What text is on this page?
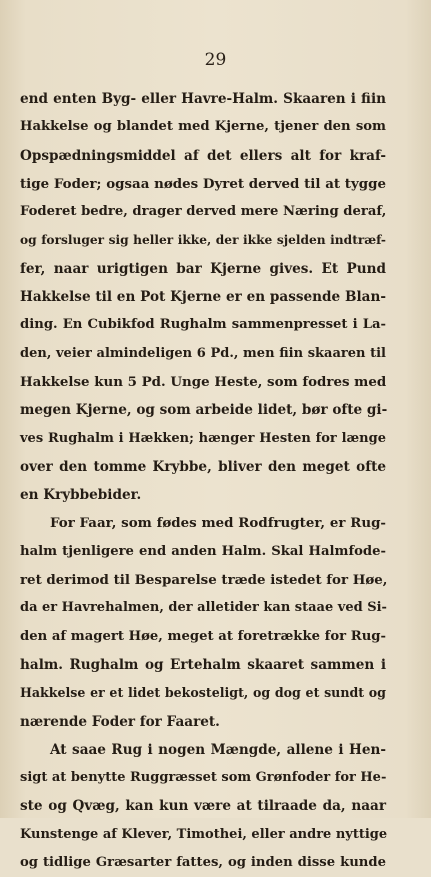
29
end enten Byg- eller Havre-Halm. Skaaren i fiin
Hakkelse og blandet med Kjerne, tjener den som
Opspædningsmiddel af det ellers alt for kraf-
tige Foder; ogsaa nødes Dyret derved til at tygge
Foderet bedre, drager derved mere Næring deraf,
og forsluger sig heller ikke, der ikke sjelden indtræf-
fer, naar urigtigen bar Kjerne gives. Et Pund
Hakkelse til en Pot Kjerne er en passende Blan-
ding. En Cubikfod Rughalm sammenpresset i La-
den, veier almindeligen 6 Pd., men fiin skaaren til
Hakkelse kun 5 Pd. Unge Heste, som fodres med
megen Kjerne, og som arbeide lidet, bør ofte gi-
ves Rughalm i Hækken; hænger Hesten for længe
over den tomme Krybbe, bliver den meget ofte
en Krybbebider.
For Faar, som fødes med Rodfrugter, er Rug-
halm tjenligere end anden Halm. Skal Halmfode-
ret derimod til Besparelse træde istedet for Høe,
da er Havrehalmen, der alletider kan staae ved Si-
den af magert Høe, meget at foretrække for Rug-
halm. Rughalm og Ertehalm skaaret sammen i
Hakkelse er et lidet bekosteligt, og dog et sundt og
nærende Foder for Faaret.
At saae Rug i nogen Mængde, allene i Hen-
sigt at benytte Ruggræsset som Grønfoder for He-
ste og Qvæg, kan kun være at tilraade da, naar
Kunstenge af Klever, Timothei, eller andre nyttige
og tidlige Græsarter fattes, og inden disse kunde
